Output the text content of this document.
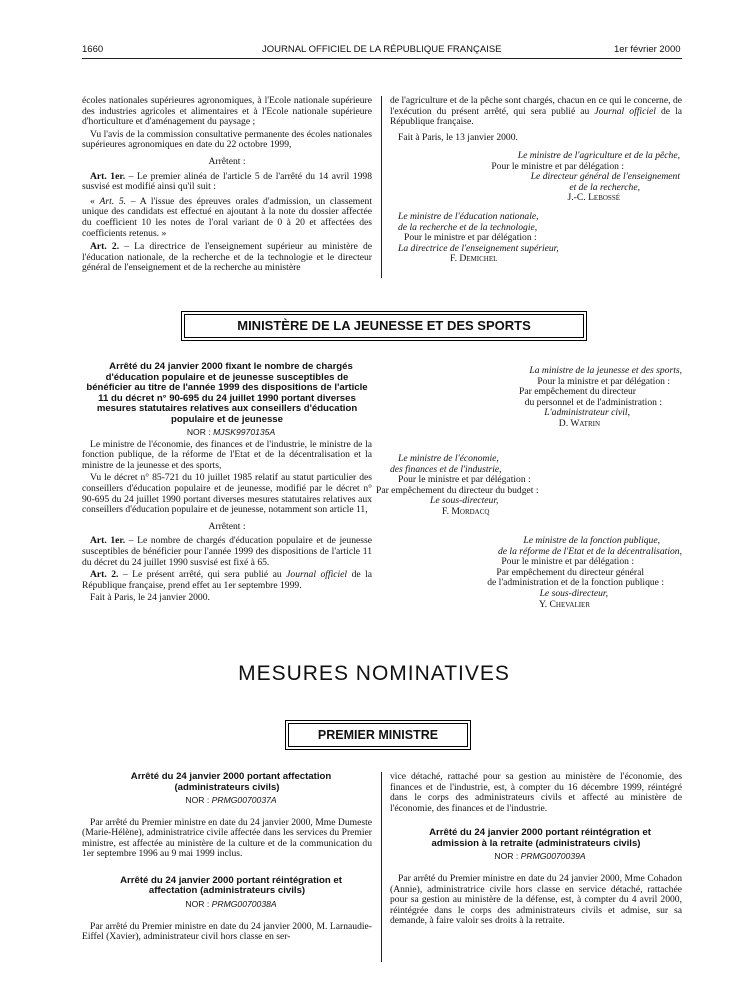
1660	JOURNAL OFFICIEL DE LA RÉPUBLIQUE FRANÇAISE	1er février 2000

écoles nationales supérieures agronomiques, à l'Ecole nationale supérieure des industries agricoles et alimentaires et à l'Ecole nationale supérieure d'horticulture et d'aménagement du paysage ;

Vu l'avis de la commission consultative permanente des écoles nationales supérieures agronomiques en date du 22 octobre 1999,

Arrêtent :

Art. 1er. – Le premier alinéa de l'article 5 de l'arrêté du 14 avril 1998 susvisé est modifié ainsi qu'il suit :

« Art. 5. – A l'issue des épreuves orales d'admission, un classement unique des candidats est effectué en ajoutant à la note du dossier affectée du coefficient 10 les notes de l'oral variant de 0 à 20 et affectées des coefficients retenus. »

Art. 2. – La directrice de l'enseignement supérieur au ministère de l'éducation nationale, de la recherche et de la technologie et le directeur général de l'enseignement et de la recherche au ministère

de l'agriculture et de la pêche sont chargés, chacun en ce qui le concerne, de l'exécution du présent arrêté, qui sera publié au Journal officiel de la République française.

Fait à Paris, le 13 janvier 2000.

Le ministre de l'agriculture et de la pêche,
Pour le ministre et par délégation :
Le directeur général de l'enseignement
et de la recherche,
J.-C. Lebossé
Le ministre de l'éducation nationale,
de la recherche et de la technologie,
Pour le ministre et par délégation :
La directrice de l'enseignement supérieur,
F. Demichel
MINISTÈRE DE LA JEUNESSE ET DES SPORTS

Arrêté du 24 janvier 2000 fixant le nombre de chargés d'éducation populaire et de jeunesse susceptibles de bénéficier au titre de l'année 1999 des dispositions de l'article 11 du décret n° 90-695 du 24 juillet 1990 portant diverses mesures statutaires relatives aux conseillers d'éducation populaire et de jeunesse

NOR : MJSK9970135A

Le ministre de l'économie, des finances et de l'industrie, le ministre de la fonction publique, de la réforme de l'Etat et de la décentralisation et la ministre de la jeunesse et des sports,

Vu le décret n° 85-721 du 10 juillet 1985 relatif au statut particulier des conseillers d'éducation populaire et de jeunesse, modifié par le décret n° 90-695 du 24 juillet 1990 portant diverses mesures statutaires relatives aux conseillers d'éducation populaire et de jeunesse, notamment son article 11,

Arrêtent :

Art. 1er. – Le nombre de chargés d'éducation populaire et de jeunesse susceptibles de bénéficier pour l'année 1999 des dispositions de l'article 11 du décret du 24 juillet 1990 susvisé est fixé à 65.

Art. 2. – Le présent arrêté, qui sera publié au Journal officiel de la République française, prend effet au 1er septembre 1999.

Fait à Paris, le 24 janvier 2000.

La ministre de la jeunesse et des sports,
Pour la ministre et par délégation :
Par empêchement du directeur
du personnel et de l'administration :
L'administrateur civil,
D. Watrin
Le ministre de l'économie,
des finances et de l'industrie,
Pour le ministre et par délégation :
Par empêchement du directeur du budget :
Le sous-directeur,
F. Mordacq
Le ministre de la fonction publique,
de la réforme de l'Etat et de la décentralisation,
Pour le ministre et par délégation :
Par empêchement du directeur général
de l'administration et de la fonction publique :
Le sous-directeur,
Y. Chevalier
MESURES NOMINATIVES
PREMIER MINISTRE

Arrêté du 24 janvier 2000 portant affectation (administrateurs civils)

NOR : PRMG0070037A

Par arrêté du Premier ministre en date du 24 janvier 2000, Mme Dumeste (Marie-Hélène), administratrice civile affectée dans les services du Premier ministre, est affectée au ministère de la culture et de la communication du 1er septembre 1996 au 9 mai 1999 inclus.

Arrêté du 24 janvier 2000 portant réintégration et affectation (administrateurs civils)

NOR : PRMG0070038A

Par arrêté du Premier ministre en date du 24 janvier 2000, M. Larnaudie-Eiffel (Xavier), administrateur civil hors classe en ser-

vice détaché, rattaché pour sa gestion au ministère de l'économie, des finances et de l'industrie, est, à compter du 16 décembre 1999, réintégré dans le corps des administrateurs civils et affecté au ministère de l'économie, des finances et de l'industrie.

Arrêté du 24 janvier 2000 portant réintégration et admission à la retraite (administrateurs civils)

NOR : PRMG0070039A

Par arrêté du Premier ministre en date du 24 janvier 2000, Mme Cohadon (Annie), administratrice civile hors classe en service détaché, rattachée pour sa gestion au ministère de la défense, est, à compter du 4 avril 2000, réintégrée dans le corps des administrateurs civils et admise, sur sa demande, à faire valoir ses droits à la retraite.
